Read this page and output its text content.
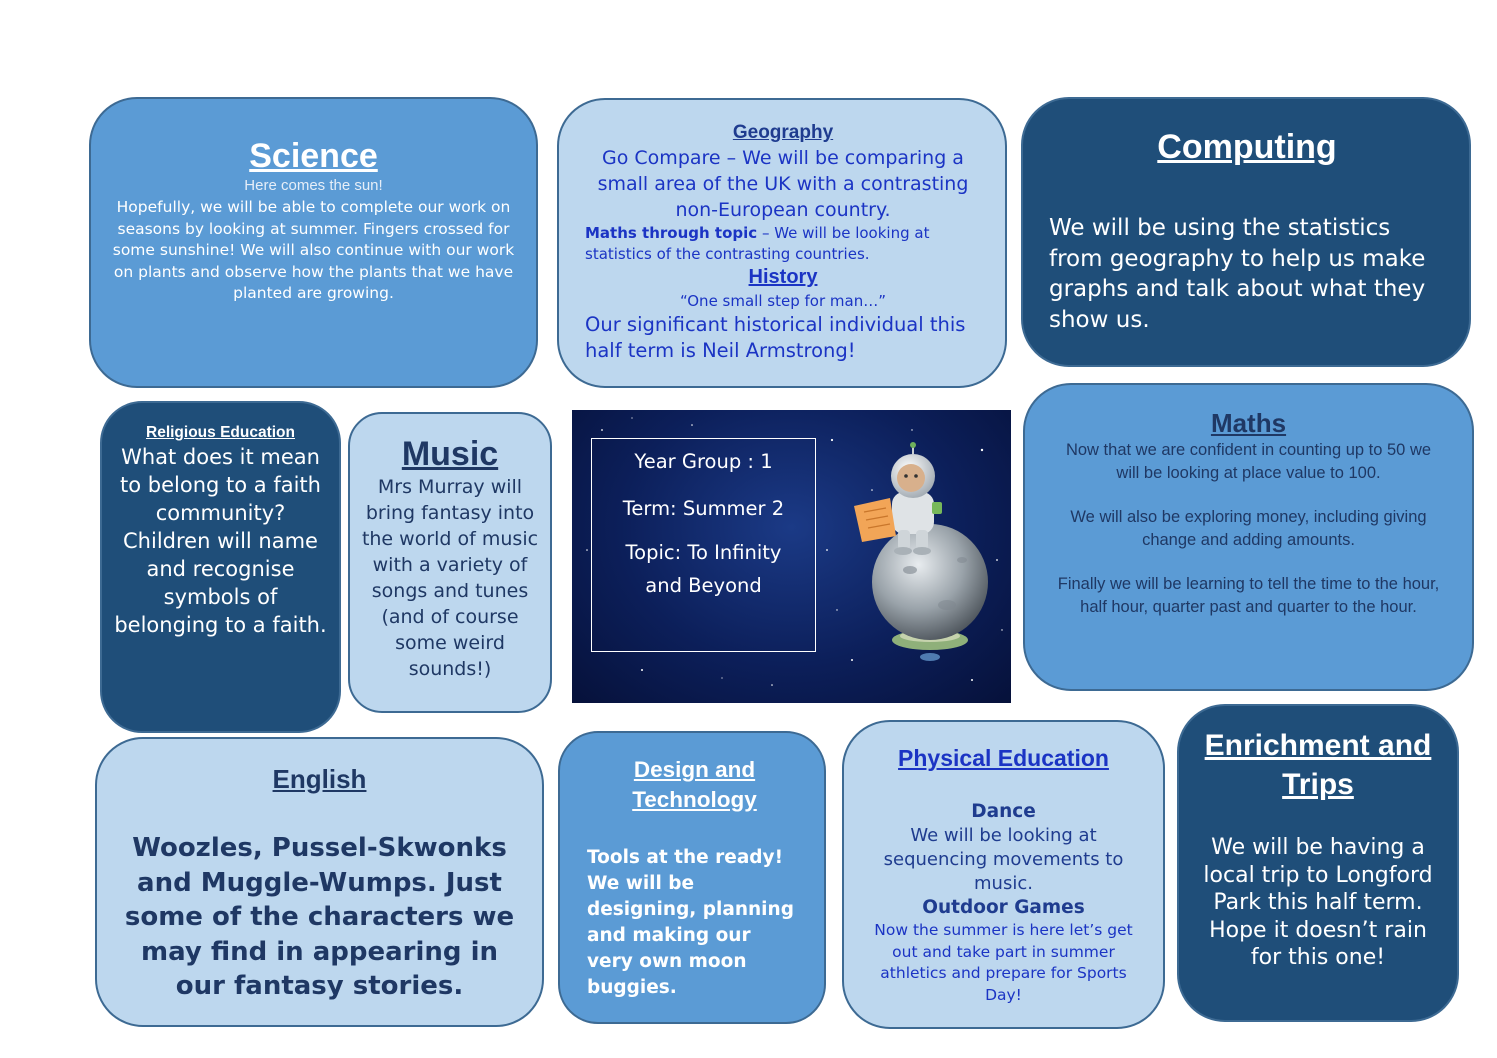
Science
Here comes the sun!
Hopefully, we will be able to complete our work on seasons by looking at summer. Fingers crossed for some sunshine! We will also continue with our work on plants and observe how the plants that we have planted are growing.
Geography
Go Compare – We will be comparing a small area of the UK with a contrasting non-European country.
Maths through topic – We will be looking at statistics of the contrasting countries.
History
“One small step for man…”
Our significant historical individual this half term is Neil Armstrong!
Computing
We will be using the statistics from geography to help us make graphs and talk about what they show us.
Religious Education
What does it mean to belong to a faith community? Children will name and recognise symbols of belonging to a faith.
Music
Mrs Murray will bring fantasy into the world of music with a variety of songs and tunes (and of course some weird sounds!)
Year Group : 1
Term: Summer 2
Topic: To Infinity and Beyond
Maths
Now that we are confident in counting up to 50 we will be looking at place value to 100.
We will also be exploring money, including giving change and adding amounts.
Finally we will be learning to tell the time to the hour, half hour, quarter past and quarter to the hour.
English
Woozles, Pussel-Skwonks and Muggle-Wumps. Just some of the characters we may find in appearing in our fantasy stories.
Design and Technology
Tools at the ready! We will be designing, planning and making our very own moon buggies.
Physical Education
Dance
We will be looking at sequencing movements to music.
Outdoor Games
Now the summer is here let’s get out and take part in summer athletics and prepare for Sports Day!
Enrichment and Trips
We will be having a local trip to Longford Park this half term. Hope it doesn’t rain for this one!
